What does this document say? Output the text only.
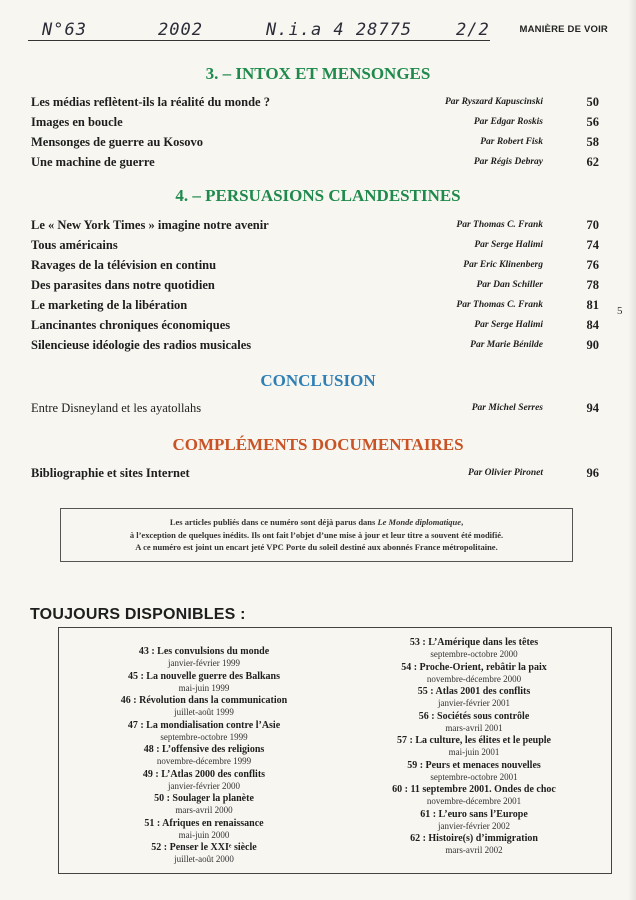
N°63	2002	N.i.a 4 28775	2/2	MANIÈRE DE VOIR
3. – INTOX ET MENSONGES
Les médias reflètent-ils la réalité du monde ?	Par Ryszard Kapuscinski	50
Images en boucle	Par Edgar Roskis	56
Mensonges de guerre au Kosovo	Par Robert Fisk	58
Une machine de guerre	Par Régis Debray	62
4. – PERSUASIONS CLANDESTINES
Le « New York Times » imagine notre avenir	Par Thomas C. Frank	70
Tous américains	Par Serge Halimi	74
Ravages de la télévision en continu	Par Eric Klinenberg	76
Des parasites dans notre quotidien	Par Dan Schiller	78
Le marketing de la libération	Par Thomas C. Frank	81
Lancinantes chroniques économiques	Par Serge Halimi	84
Silencieuse idéologie des radios musicales	Par Marie Bénilde	90
5
CONCLUSION
Entre Disneyland et les ayatollahs	Par Michel Serres	94
COMPLÉMENTS DOCUMENTAIRES
Bibliographie et sites Internet	Par Olivier Pironet	96

Les articles publiés dans ce numéro sont déjà parus dans Le Monde diplomatique,

à l’exception de quelques inédits. Ils ont fait l’objet d’une mise à jour et leur titre a souvent été modifié.

A ce numéro est joint un encart jeté VPC Porte du soleil destiné aux abonnés France métropolitaine.

TOUJOURS DISPONIBLES :
43 : Les convulsions du monde
janvier-février 1999
45 : La nouvelle guerre des Balkans
mai-juin 1999
46 : Révolution dans la communication
juillet-août 1999
47 : La mondialisation contre l’Asie
septembre-octobre 1999
48 : L’offensive des religions
novembre-décembre 1999
49 : L’Atlas 2000 des conflits
janvier-février 2000
50 : Soulager la planète
mars-avril 2000
51 : Afriques en renaissance
mai-juin 2000
52 : Penser le XXIᵉ siècle
juillet-août 2000
53 : L’Amérique dans les têtes
septembre-octobre 2000
54 : Proche-Orient, rebâtir la paix
novembre-décembre 2000
55 : Atlas 2001 des conflits
janvier-février 2001
56 : Sociétés sous contrôle
mars-avril 2001
57 : La culture, les élites et le peuple
mai-juin 2001
59 : Peurs et menaces nouvelles
septembre-octobre 2001
60 : 11 septembre 2001. Ondes de choc
novembre-décembre 2001
61 : L’euro sans l’Europe
janvier-février 2002
62 : Histoire(s) d’immigration
mars-avril 2002
